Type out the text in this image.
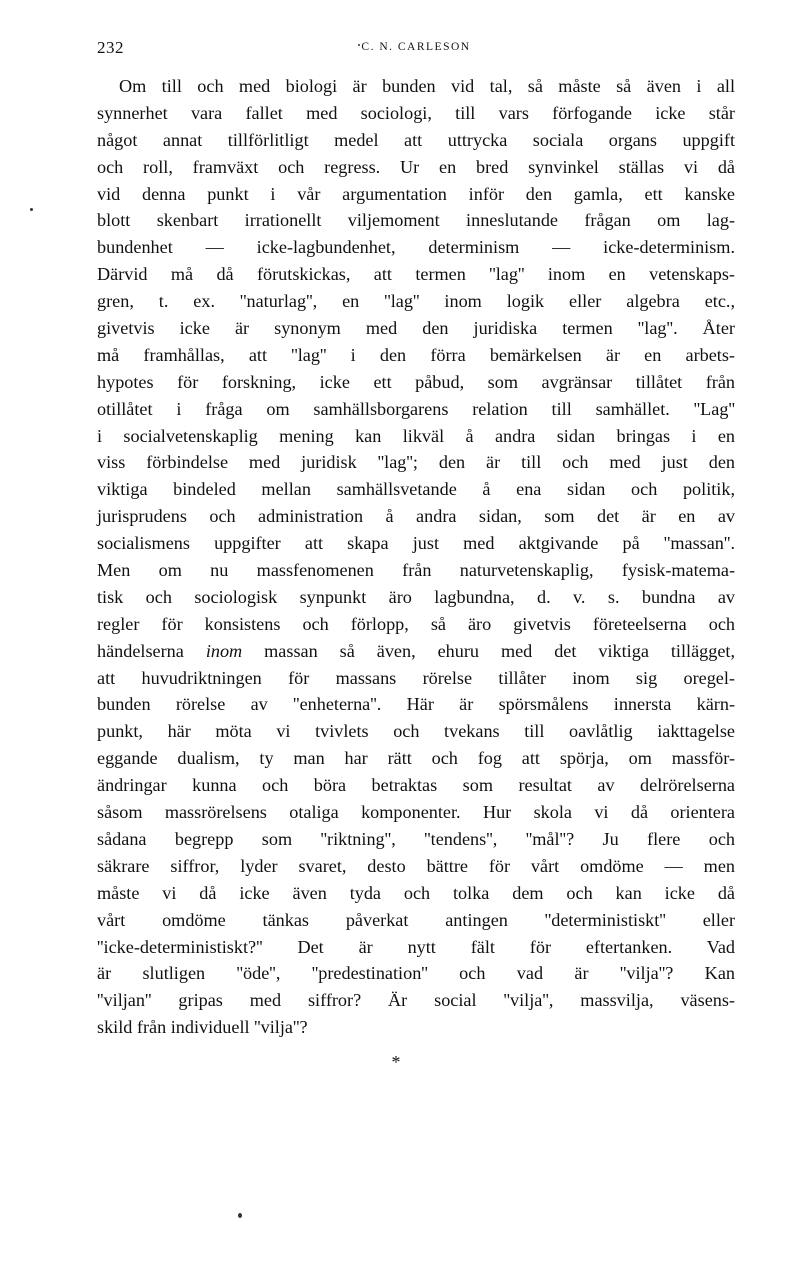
232	C. N. CARLESON
Om till och med biologi är bunden vid tal, så måste så även i all
synnerhet vara fallet med sociologi, till vars förfogande icke står
något annat tillförlitligt medel att uttrycka sociala organs uppgift
och roll, framväxt och regress. Ur en bred synvinkel ställas vi då
vid denna punkt i vår argumentation inför den gamla, ett kanske
blott skenbart irrationellt viljemoment inneslutande frågan om lag-
bundenhet — icke-lagbundenhet, determinism — icke-determinism.
Därvid må då förutskickas, att termen ''lag'' inom en vetenskaps-
gren, t. ex. ''naturlag'', en ''lag'' inom logik eller algebra etc.,
givetvis icke är synonym med den juridiska termen ''lag''. Åter
må framhållas, att ''lag'' i den förra bemärkelsen är en arbets-
hypotes för forskning, icke ett påbud, som avgränsar tillåtet från
otillåtet i fråga om samhällsborgarens relation till samhället. ''Lag''
i socialvetenskaplig mening kan likväl å andra sidan bringas i en
viss förbindelse med juridisk ''lag''; den är till och med just den
viktiga bindeled mellan samhällsvetande å ena sidan och politik,
jurisprudens och administration å andra sidan, som det är en av
socialismens uppgifter att skapa just med aktgivande på ''massan''.
Men om nu massfenomenen från naturvetenskaplig, fysisk-matema-
tisk och sociologisk synpunkt äro lagbundna, d. v. s. bundna av
regler för konsistens och förlopp, så äro givetvis företeelserna och
händelserna inom massan så även, ehuru med det viktiga tillägget,
att huvudriktningen för massans rörelse tillåter inom sig oregel-
bunden rörelse av ''enheterna''. Här är spörsmålens innersta kärn-
punkt, här möta vi tvivlets och tvekans till oavlåtlig iakttagelse
eggande dualism, ty man har rätt och fog att spörja, om massför-
ändringar kunna och böra betraktas som resultat av delrörelserna
såsom massrörelsens otaliga komponenter. Hur skola vi då orientera
sådana begrepp som ''riktning'', ''tendens'', ''mål''? Ju flere och
säkrare siffror, lyder svaret, desto bättre för vårt omdöme — men
måste vi då icke även tyda och tolka dem och kan icke då
vårt omdöme tänkas påverkat antingen ''deterministiskt'' eller
''icke-deterministiskt?'' Det är nytt fält för eftertanken. Vad
är slutligen ''öde'', ''predestination'' och vad är ''vilja''? Kan
''viljan'' gripas med siffror? Är social ''vilja'', massvilja, väsens-
skild från individuell ''vilja''?
*
